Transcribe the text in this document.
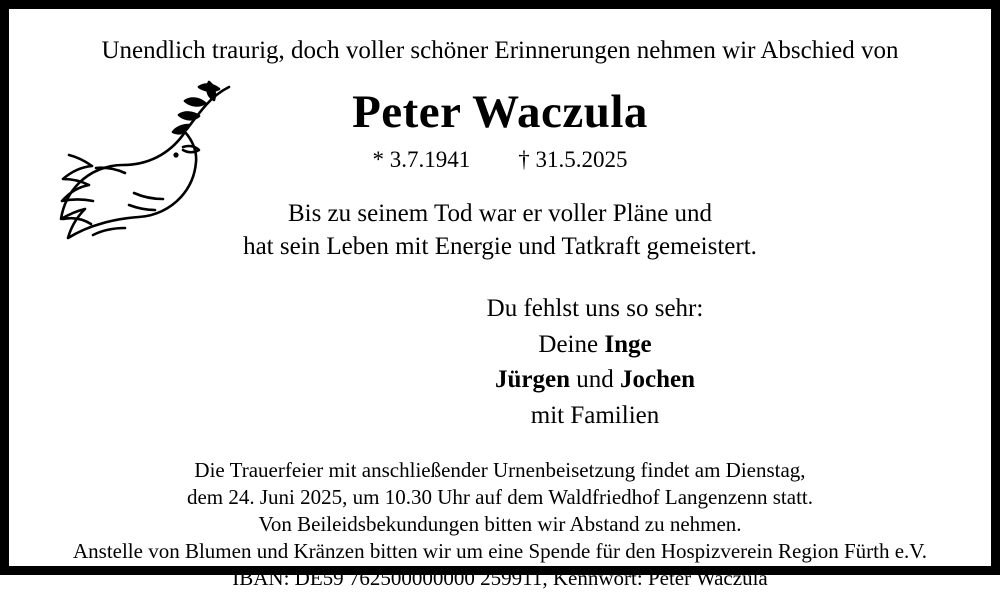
Unendlich traurig, doch voller schöner Erinnerungen nehmen wir Abschied von
Peter Waczula
* 3.7.1941 † 31.5.2025
Bis zu seinem Tod war er voller Pläne und
hat sein Leben mit Energie und Tatkraft gemeistert.
Du fehlst uns so sehr:
Deine Inge
Jürgen und Jochen
mit Familien
Die Trauerfeier mit anschließender Urnenbeisetzung findet am Dienstag,
dem 24. Juni 2025, um 10.30 Uhr auf dem Waldfriedhof Langenzenn statt.
Von Beileidsbekundungen bitten wir Abstand zu nehmen.
Anstelle von Blumen und Kränzen bitten wir um eine Spende für den Hospizverein Region Fürth e.V.
IBAN: DE59 762500000000 259911, Kennwort: Peter Waczula
